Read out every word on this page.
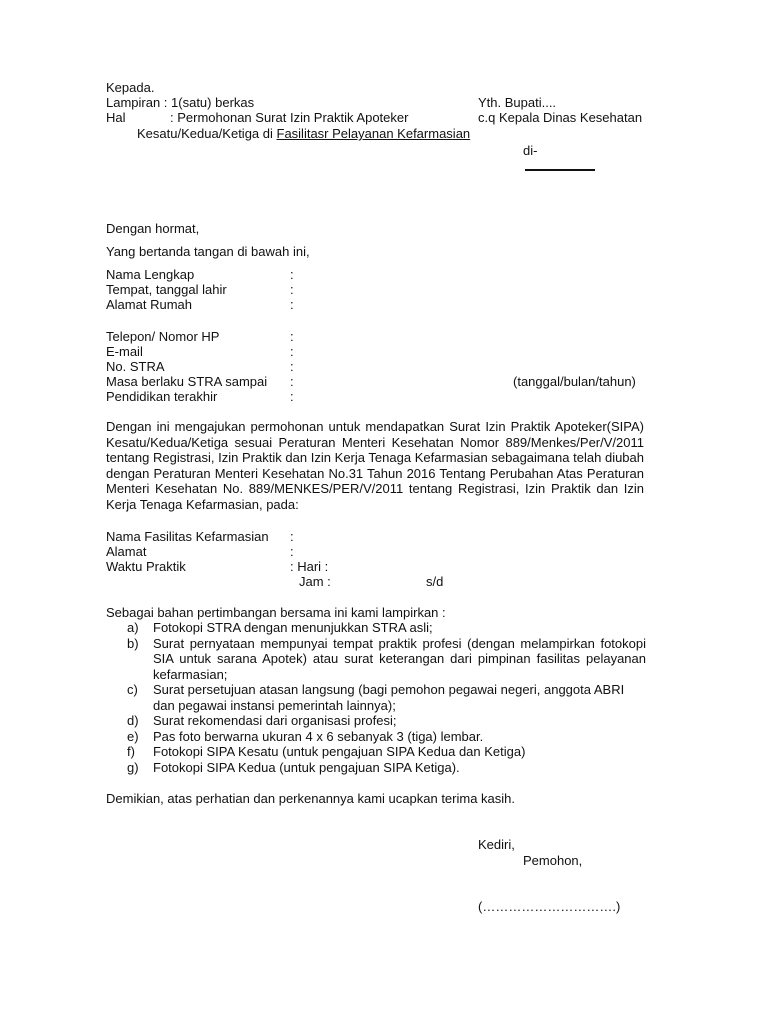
Kepada.
Lampiran : 1(satu) berkas
Hal	: Permohonan Surat Izin Praktik Apoteker
Kesatu/Kedua/Ketiga di Fasilitasr Pelayanan Kefarmasian
Yth. Bupati....
c.q Kepala Dinas Kesehatan
di-
Dengan hormat,
Yang bertanda tangan di bawah ini,
Nama Lengkap	:
Tempat, tanggal lahir	:
Alamat Rumah	:
Telepon/ Nomor HP	:
E-mail	:
No. STRA	:
Masa berlaku STRA sampai :	(tanggal/bulan/tahun)
Pendidikan terakhir	:
Dengan ini mengajukan permohonan untuk mendapatkan Surat Izin Praktik Apoteker(SIPA) Kesatu/Kedua/Ketiga sesuai Peraturan Menteri Kesehatan Nomor 889/Menkes/Per/V/2011 tentang Registrasi, Izin Praktik dan Izin Kerja Tenaga Kefarmasian sebagaimana telah diubah dengan Peraturan Menteri Kesehatan No.31 Tahun 2016 Tentang Perubahan Atas Peraturan Menteri Kesehatan No. 889/MENKES/PER/V/2011 tentang Registrasi, Izin Praktik dan Izin Kerja Tenaga Kefarmasian, pada:
Nama Fasilitas Kefarmasian :
Alamat	:
Waktu Praktik	: Hari :
Jam :	s/d
Sebagai bahan pertimbangan bersama ini kami lampirkan :
a)	Fotokopi STRA dengan menunjukkan STRA asli;
b)	Surat pernyataan mempunyai tempat praktik profesi (dengan melampirkan fotokopi SIA untuk sarana Apotek) atau surat keterangan dari pimpinan fasilitas pelayanan kefarmasian;
c)	Surat persetujuan atasan langsung (bagi pemohon pegawai negeri, anggota ABRI dan pegawai instansi pemerintah lainnya);
d)	Surat rekomendasi dari organisasi profesi;
e)	Pas foto berwarna ukuran 4 x 6 sebanyak 3 (tiga) lembar.
f)	Fotokopi SIPA Kesatu (untuk pengajuan SIPA Kedua dan Ketiga)
g)	Fotokopi SIPA Kedua (untuk pengajuan SIPA Ketiga).
Demikian, atas perhatian dan perkenannya kami ucapkan terima kasih.
Kediri,
Pemohon,
(………………………….)
